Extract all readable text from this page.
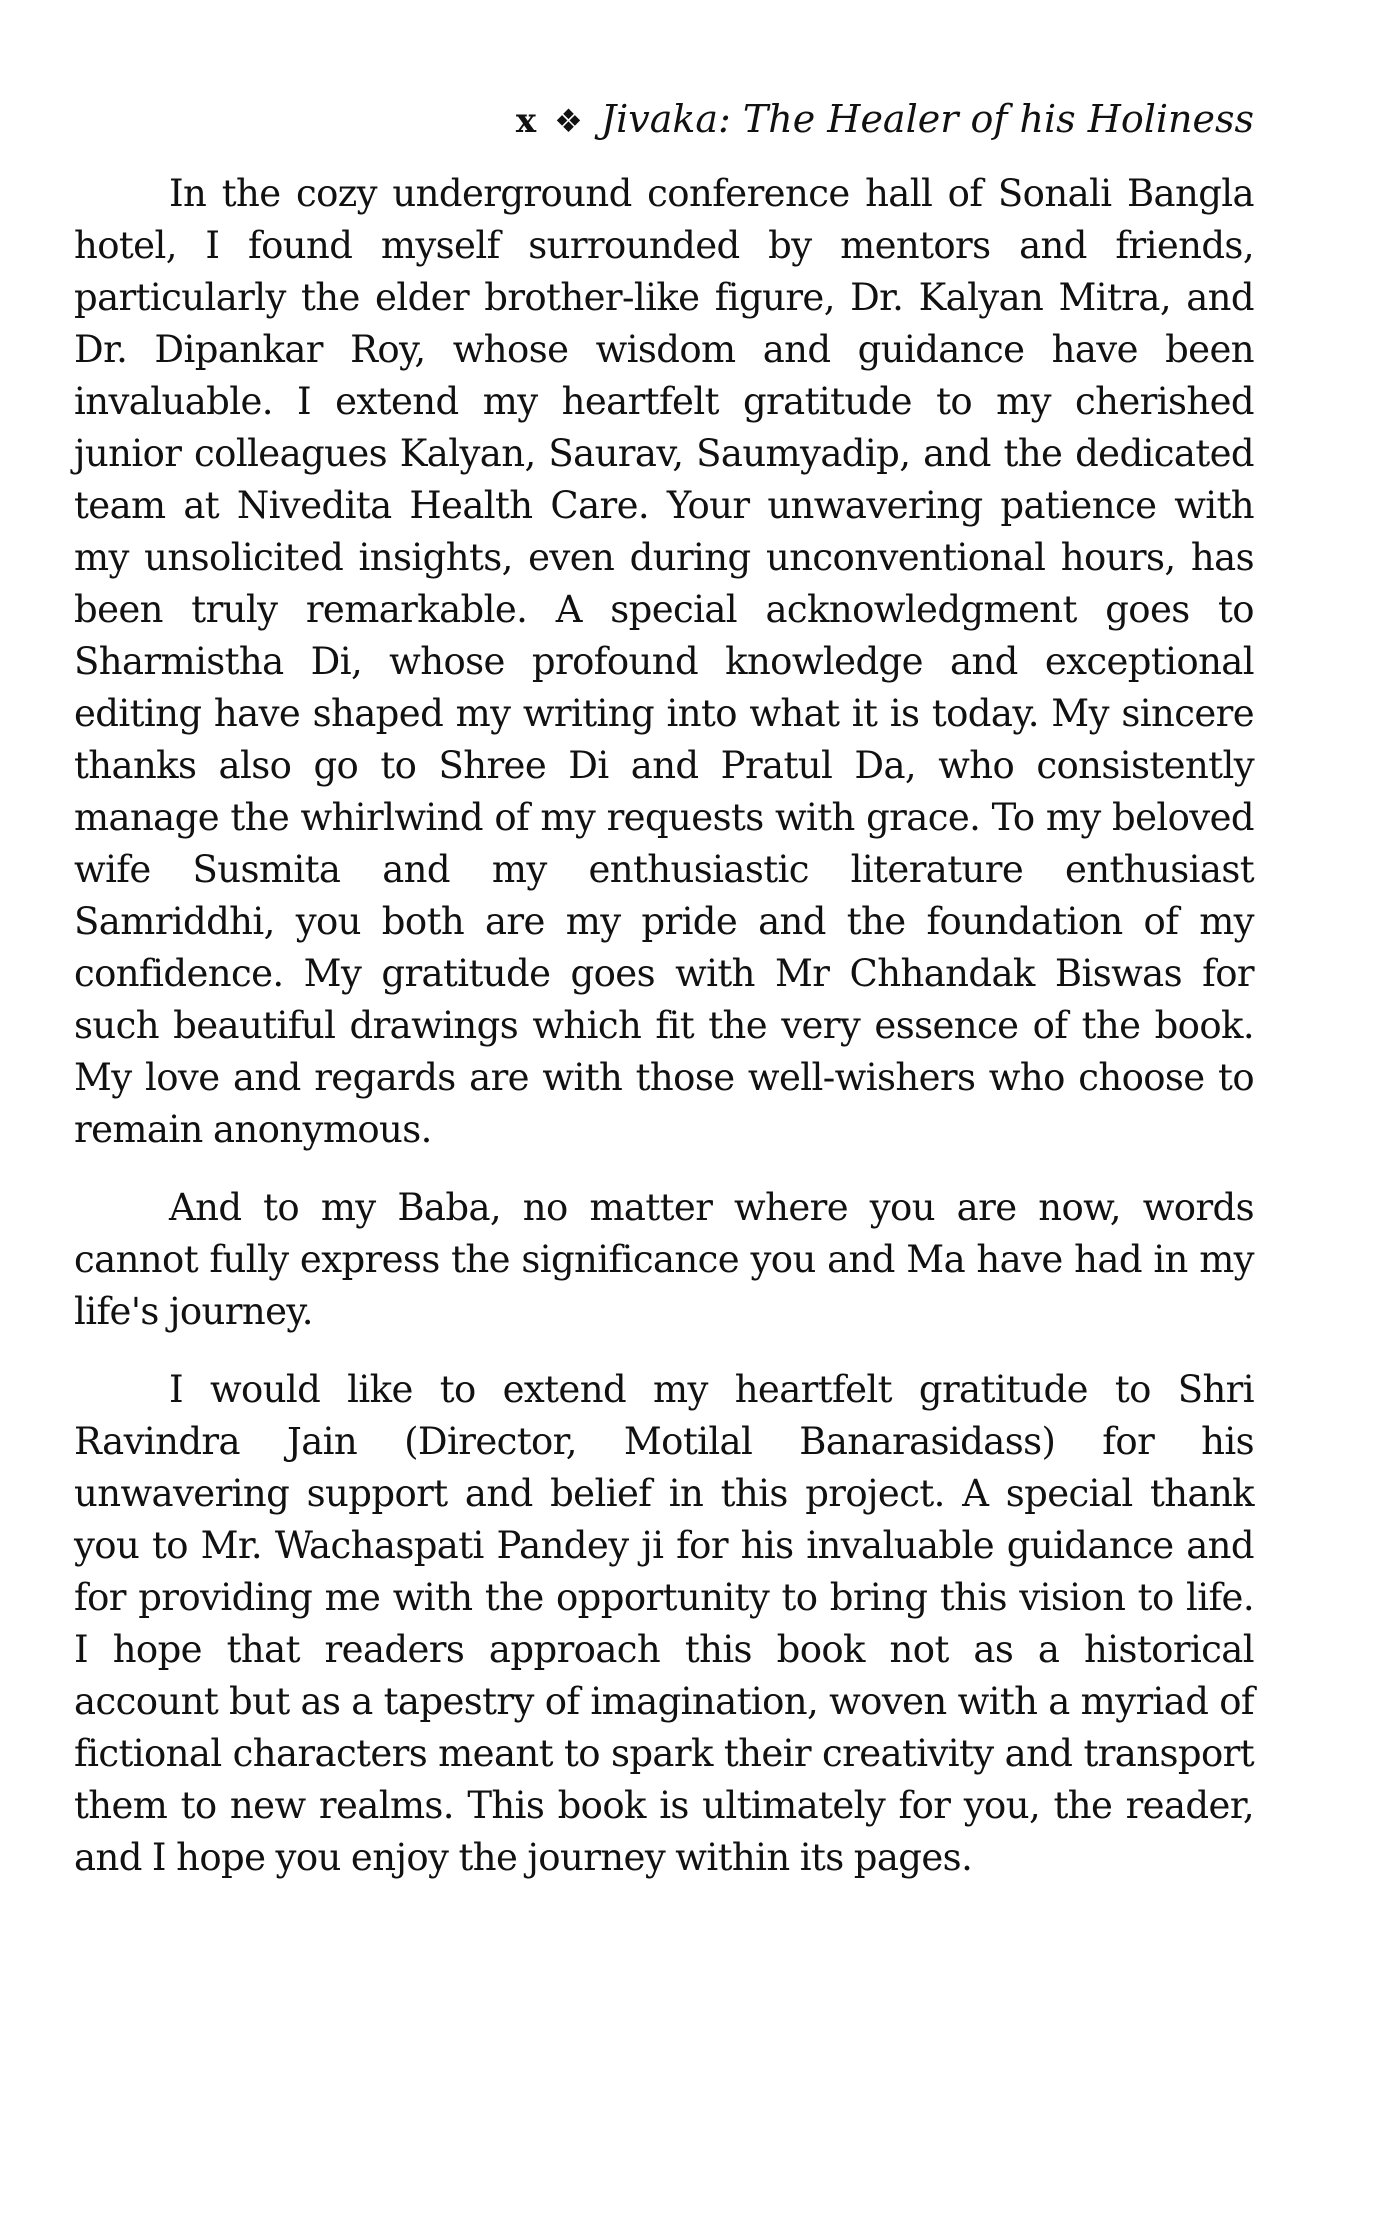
x ❖ Jivaka: The Healer of his Holiness

In the cozy underground conference hall of Sonali Bangla hotel, I found myself surrounded by mentors and friends, particularly the elder brother-like figure, Dr. Kalyan Mitra, and Dr. Dipankar Roy, whose wisdom and guidance have been invaluable. I extend my heartfelt gratitude to my cherished junior colleagues Kalyan, Saurav, Saumyadip, and the dedicated team at Nivedita Health Care. Your unwavering patience with my unsolicited insights, even during unconventional hours, has been truly remarkable. A special acknowledgment goes to Sharmistha Di, whose profound knowledge and exceptional editing have shaped my writing into what it is today. My sincere thanks also go to Shree Di and Pratul Da, who consistently manage the whirlwind of my requests with grace. To my beloved wife Susmita and my enthusiastic literature enthusiast Samriddhi, you both are my pride and the foundation of my confidence. My gratitude goes with Mr Chhandak Biswas for such beautiful drawings which fit the very essence of the book. My love and regards are with those well-wishers who choose to remain anonymous.

And to my Baba, no matter where you are now, words cannot fully express the significance you and Ma have had in my life's journey.

I would like to extend my heartfelt gratitude to Shri Ravindra Jain (Director, Motilal Banarasidass) for his unwavering support and belief in this project. A special thank you to Mr. Wachaspati Pandey ji for his invaluable guidance and for providing me with the opportunity to bring this vision to life. I hope that readers approach this book not as a historical account but as a tapestry of imagination, woven with a myriad of fictional characters meant to spark their creativity and transport them to new realms. This book is ultimately for you, the reader, and I hope you enjoy the journey within its pages.
